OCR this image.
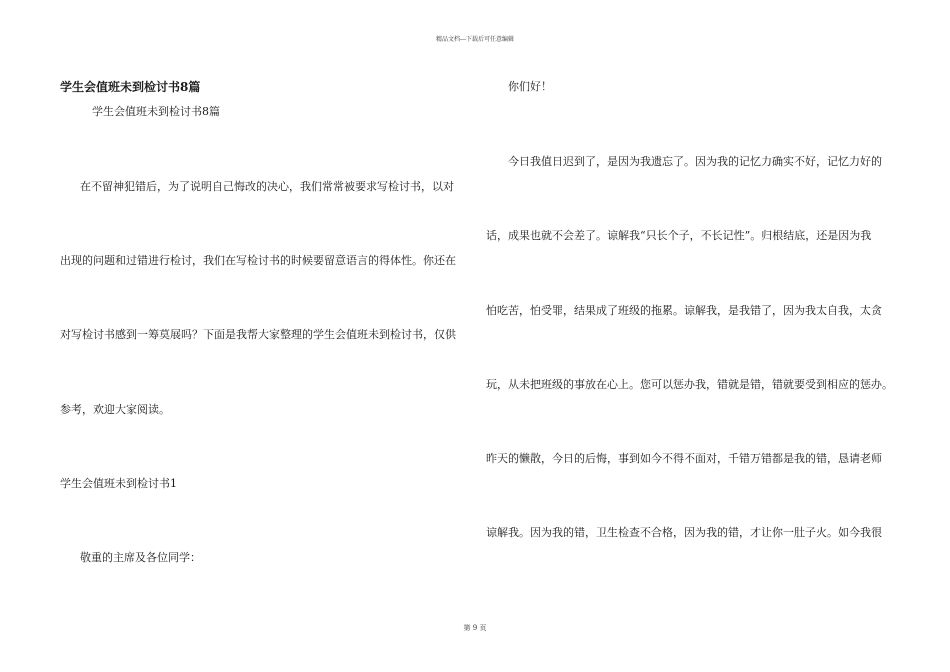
精品文档---下载后可任意编辑
学生会值班未到检讨书8篇
学生会值班未到检讨书8篇
在不留神犯错后，为了说明自己悔改的决心，我们常常被要求写检讨书，以对
出现的问题和过错进行检讨，我们在写检讨书的时候要留意语言的得体性。你还在
对写检讨书感到一筹莫展吗？下面是我帮大家整理的学生会值班未到检讨书，仅供
参考，欢迎大家阅读。
学生会值班未到检讨书1
敬重的主席及各位同学：
你们好！
今日我值日迟到了，是因为我遗忘了。因为我的记忆力确实不好，记忆力好的
话，成果也就不会差了。谅解我“只长个子，不长记性”。归根结底，还是因为我
怕吃苦，怕受罪，结果成了班级的拖累。谅解我，是我错了，因为我太自我，太贪
玩，从未把班级的事放在心上。您可以惩办我，错就是错，错就要受到相应的惩办。
昨天的懒散，今日的后悔，事到如今不得不面对，千错万错都是我的错，恳请老师
谅解我。因为我的错，卫生检查不合格，因为我的错，才让你一肚子火。如今我很
第 9 页
